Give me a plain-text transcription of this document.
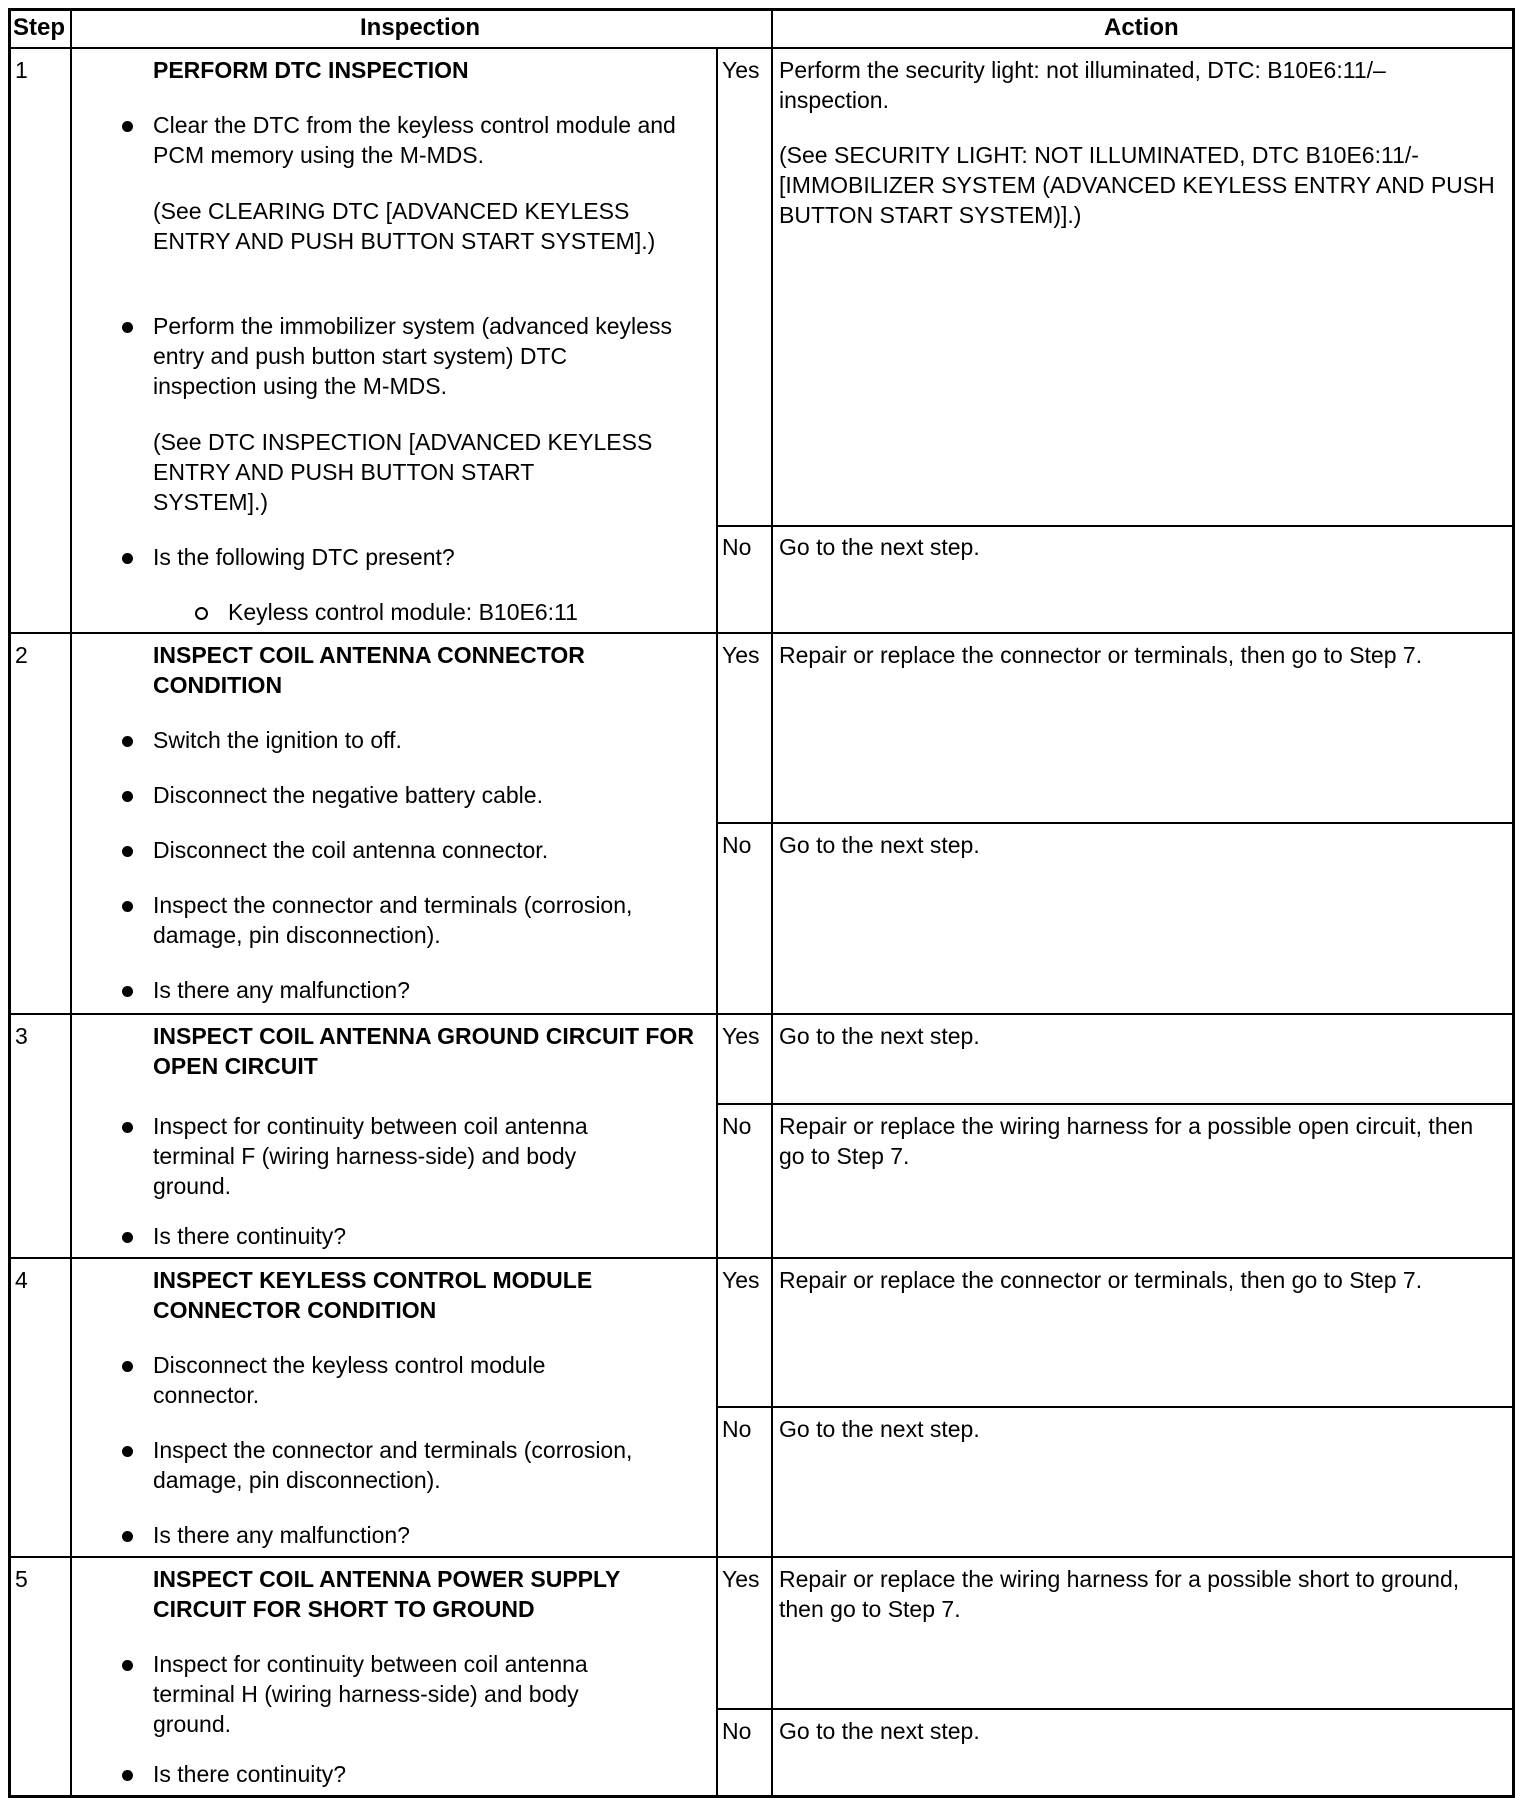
Step	Inspection	Action
1	PERFORM DTC INSPECTION
Clear the DTC from the keyless control module and PCM memory using the M-MDS.
(See CLEARING DTC [ADVANCED KEYLESS ENTRY AND PUSH BUTTON START SYSTEM].)
Perform the immobilizer system (advanced keyless entry and push button start system) DTC inspection using the M-MDS.
(See DTC INSPECTION [ADVANCED KEYLESS ENTRY AND PUSH BUTTON START SYSTEM].)
Is the following DTC present?
Keyless control module: B10E6:11
Yes Perform the security light: not illuminated, DTC: B10E6:11/– inspection.
(See SECURITY LIGHT: NOT ILLUMINATED, DTC B10E6:11/-[IMMOBILIZER SYSTEM (ADVANCED KEYLESS ENTRY AND PUSH BUTTON START SYSTEM)].)
No Go to the next step.
2	INSPECT COIL ANTENNA CONNECTOR CONDITION
Switch the ignition to off.
Disconnect the negative battery cable.
Disconnect the coil antenna connector.
Inspect the connector and terminals (corrosion, damage, pin disconnection).
Is there any malfunction?
Yes Repair or replace the connector or terminals, then go to Step 7.
No Go to the next step.
3	INSPECT COIL ANTENNA GROUND CIRCUIT FOR OPEN CIRCUIT
Inspect for continuity between coil antenna terminal F (wiring harness-side) and body ground.
Is there continuity?
Yes Go to the next step.
No Repair or replace the wiring harness for a possible open circuit, then go to Step 7.
4	INSPECT KEYLESS CONTROL MODULE CONNECTOR CONDITION
Disconnect the keyless control module connector.
Inspect the connector and terminals (corrosion, damage, pin disconnection).
Is there any malfunction?
Yes Repair or replace the connector or terminals, then go to Step 7.
No Go to the next step.
5	INSPECT COIL ANTENNA POWER SUPPLY CIRCUIT FOR SHORT TO GROUND
Inspect for continuity between coil antenna terminal H (wiring harness-side) and body ground.
Is there continuity?
Yes Repair or replace the wiring harness for a possible short to ground, then go to Step 7.
No Go to the next step.
